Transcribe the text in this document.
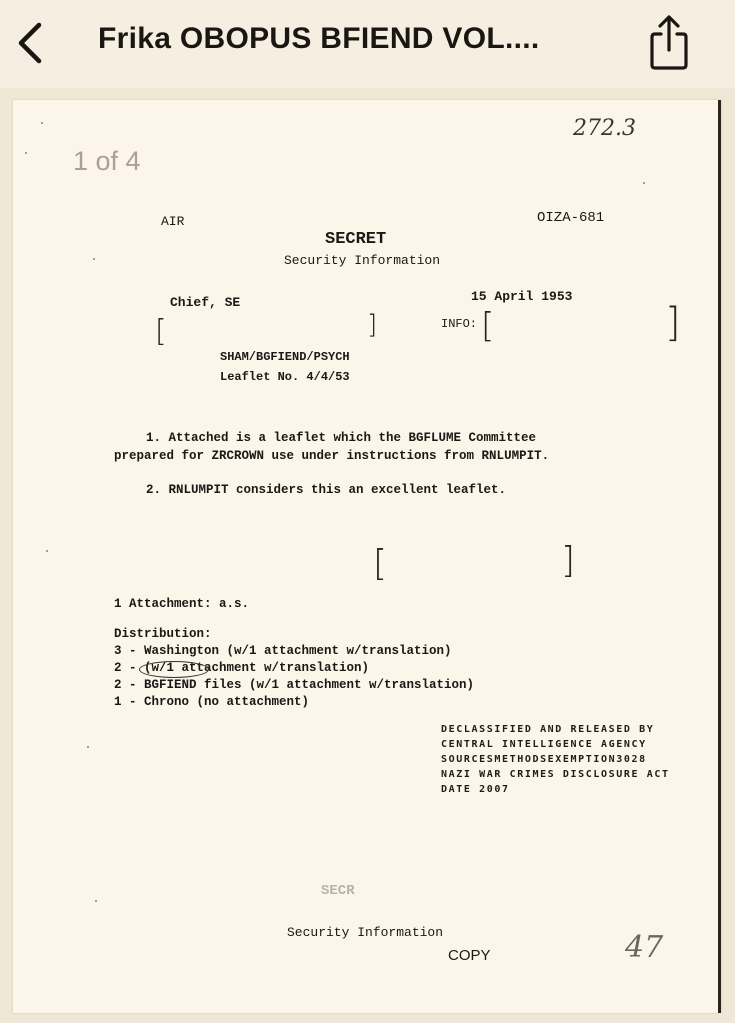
Frika OBOPUS BFIEND VOL....
1 of 4
272.3
AIR	OIZA-681
SECRET
Security Information
Chief, SE	15 April 1953
[	]	INFO: [	]
SHAM/BGFIEND/PSYCH
Leaflet No. 4/4/53
1. Attached is a leaflet which the BGFLUME Committee
prepared for ZRCROWN use under instructions from RNLUMPIT.
2. RNLUMPIT considers this an excellent leaflet.
[	]
1 Attachment: a.s.
Distribution:
3 - Washington (w/1 attachment w/translation)
2 - (w/1 attachment w/translation)
2 - BGFIEND files (w/1 attachment w/translation)
1 - Chrono (no attachment)
DECLASSIFIED AND RELEASED BY
CENTRAL INTELLIGENCE AGENCY
SOURCESMETHODSEXEMPTION3028
NAZI WAR CRIMES DISCLOSURE ACT
DATE 2007
SECR
Security Information
COPY	47
